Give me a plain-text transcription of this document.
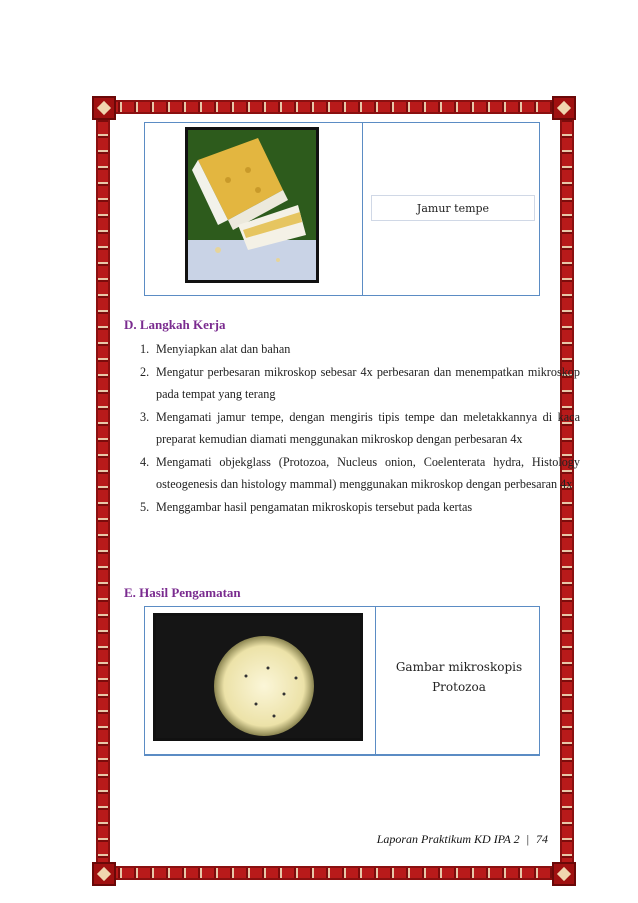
Jamur tempe
D. Langkah Kerja
1. Menyiapkan alat dan bahan
2. Mengatur perbesaran mikroskop sebesar 4x perbesaran dan menempatkan mikroskop pada tempat yang terang
3. Mengamati jamur tempe, dengan mengiris tipis tempe dan meletakkannya di kaca preparat kemudian diamati menggunakan mikroskop dengan perbesaran 4x
4. Mengamati objekglass (Protozoa, Nucleus onion, Coelenterata hydra, Histology osteogenesis dan histology mammal) menggunakan mikroskop dengan perbesaran 4x
5. Menggambar hasil pengamatan mikroskopis tersebut pada kertas
E. Hasil Pengamatan
Gambar mikroskopis
Protozoa
Laporan Praktikum KD IPA 2 | 74
